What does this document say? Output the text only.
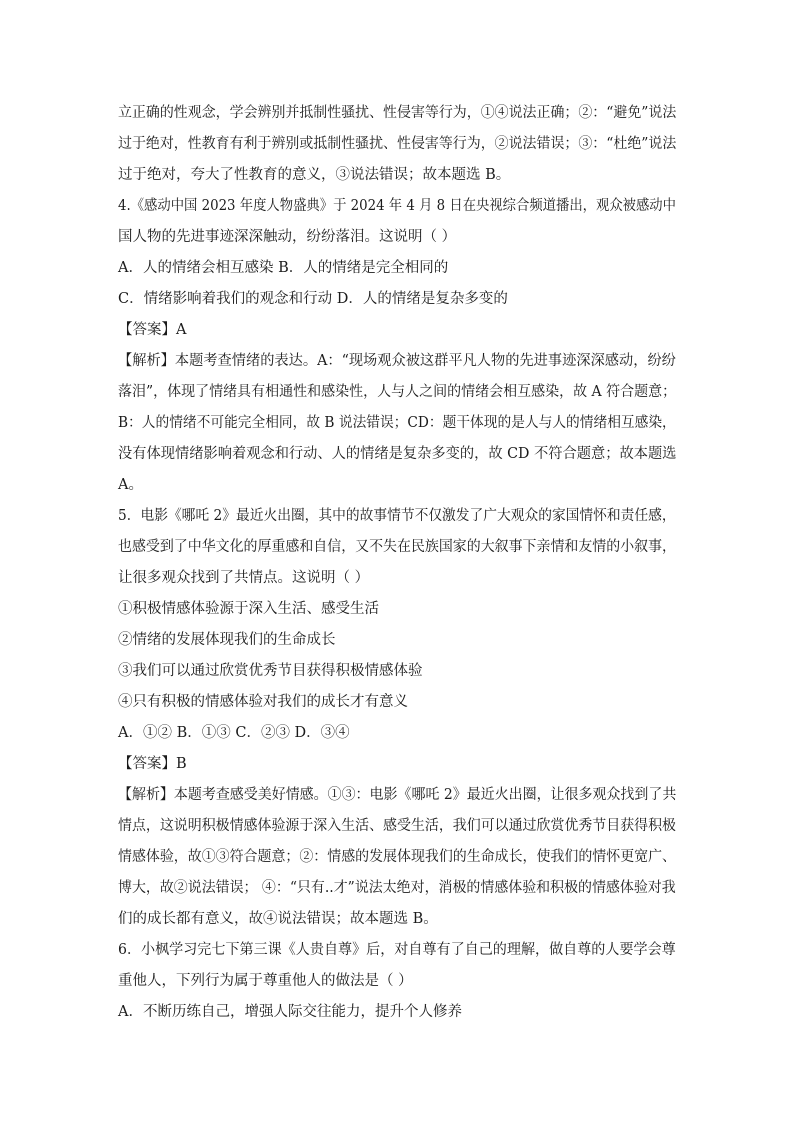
立正确的性观念，学会辨别并抵制性骚扰、性侵害等行为，①④说法正确；②：“避免”说法
过于绝对，性教育有利于辨别或抵制性骚扰、性侵害等行为，②说法错误；③：“杜绝”说法
过于绝对，夸大了性教育的意义，③说法错误；故本题选 B。
4.《感动中国 2023 年度人物盛典》于 2024 年 4 月 8 日在央视综合频道播出，观众被感动中
国人物的先进事迹深深触动，纷纷落泪。这说明（ ）
A．人的情绪会相互感染 B．人的情绪是完全相同的
C．情绪影响着我们的观念和行动 D．人的情绪是复杂多变的
【答案】A
【解析】本题考查情绪的表达。A：“现场观众被这群平凡人物的先进事迹深深感动，纷纷
落泪”，体现了情绪具有相通性和感染性，人与人之间的情绪会相互感染，故 A 符合题意；
B：人的情绪不可能完全相同，故 B 说法错误；CD：题干体现的是人与人的情绪相互感染，
没有体现情绪影响着观念和行动、人的情绪是复杂多变的，故 CD 不符合题意；故本题选
A。
5．电影《哪吒 2》最近火出圈，其中的故事情节不仅激发了广大观众的家国情怀和责任感，
也感受到了中华文化的厚重感和自信，又不失在民族国家的大叙事下亲情和友情的小叙事，
让很多观众找到了共情点。这说明（ ）
①积极情感体验源于深入生活、感受生活
②情绪的发展体现我们的生命成长
③我们可以通过欣赏优秀节目获得积极情感体验
④只有积极的情感体验对我们的成长才有意义
A．①② B．①③ C．②③ D．③④
【答案】B
【解析】本题考查感受美好情感。①③：电影《哪吒 2》最近火出圈，让很多观众找到了共
情点，这说明积极情感体验源于深入生活、感受生活，我们可以通过欣赏优秀节目获得积极
情感体验，故①③符合题意；②：情感的发展体现我们的生命成长，使我们的情怀更宽广、
博大，故②说法错误； ④：“只有..才”说法太绝对，消极的情感体验和积极的情感体验对我
们的成长都有意义，故④说法错误；故本题选 B。
6．小枫学习完七下第三课《人贵自尊》后，对自尊有了自己的理解，做自尊的人要学会尊
重他人，下列行为属于尊重他人的做法是（ ）
A．不断历练自己，增强人际交往能力，提升个人修养
